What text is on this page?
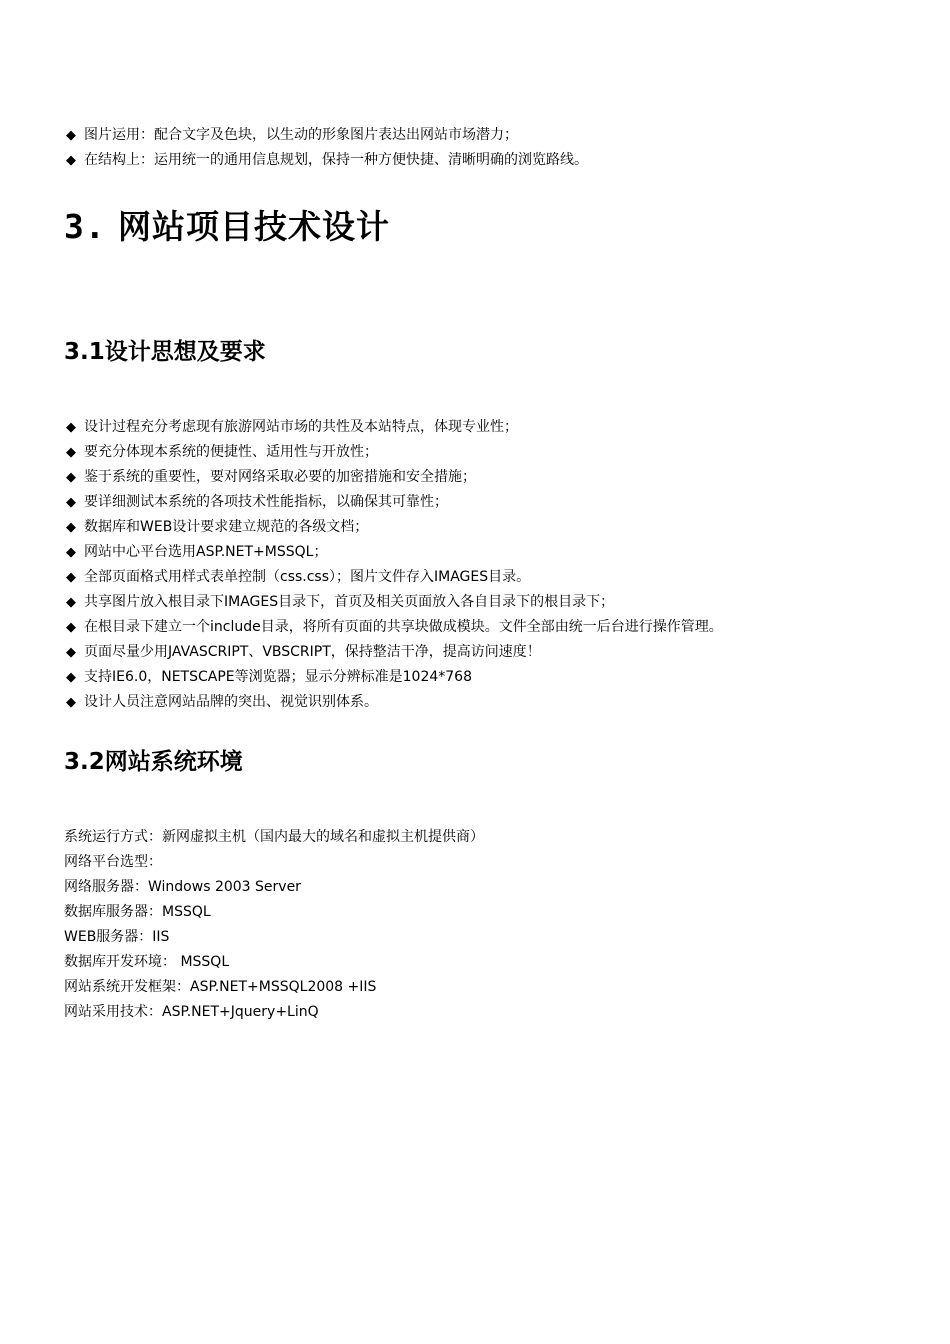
◆ 图片运用：配合文字及色块，以生动的形象图片表达出网站市场潜力；
◆ 在结构上：运用统一的通用信息规划，保持一种方便快捷、清晰明确的浏览路线。
3. 网站项目技术设计
3.1设计思想及要求
◆ 设计过程充分考虑现有旅游网站市场的共性及本站特点，体现专业性；
◆ 要充分体现本系统的便捷性、适用性与开放性；
◆ 鉴于系统的重要性，要对网络采取必要的加密措施和安全措施；
◆ 要详细测试本系统的各项技术性能指标，以确保其可靠性；
◆ 数据库和WEB设计要求建立规范的各级文档；
◆ 网站中心平台选用ASP.NET+MSSQL；
◆ 全部页面格式用样式表单控制（css.css）；图片文件存入IMAGES目录。
◆ 共享图片放入根目录下IMAGES目录下，首页及相关页面放入各自目录下的根目录下；
◆ 在根目录下建立一个include目录，将所有页面的共享块做成模块。文件全部由统一后台进行操作管理。
◆ 页面尽量少用JAVASCRIPT、VBSCRIPT，保持整洁干净，提高访问速度！
◆ 支持IE6.0，NETSCAPE等浏览器；显示分辨标准是1024*768
◆ 设计人员注意网站品牌的突出、视觉识别体系。
3.2网站系统环境
系统运行方式：新网虚拟主机（国内最大的域名和虚拟主机提供商）
网络平台选型：
网络服务器：Windows 2003 Server
数据库服务器：MSSQL
WEB服务器：IIS
数据库开发环境： MSSQL
网站系统开发框架：ASP.NET+MSSQL2008 +IIS
网站采用技术：ASP.NET+Jquery+LinQ
